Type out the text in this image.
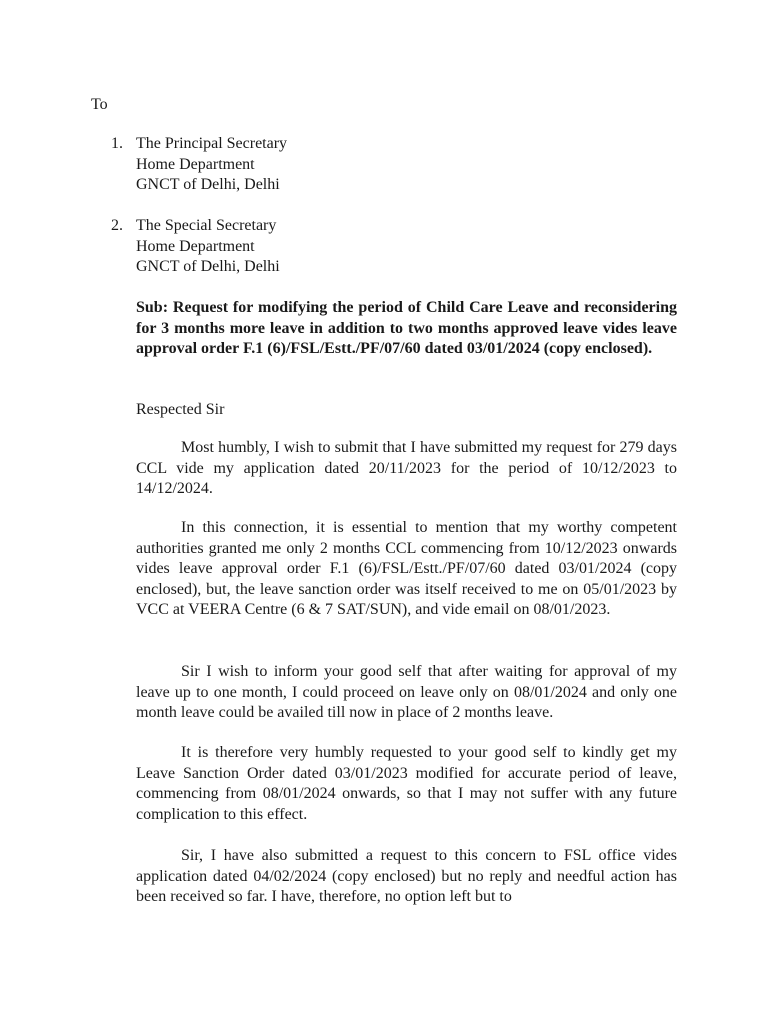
To

1. The Principal Secretary
Home Department
GNCT of Delhi, Delhi
2. The Special Secretary
Home Department
GNCT of Delhi, Delhi

Sub: Request for modifying the period of Child Care Leave and reconsidering for 3 months more leave in addition to two months approved leave vides leave approval order F.1 (6)/FSL/Estt./PF/07/60 dated 03/01/2024 (copy enclosed).

Respected Sir

Most humbly, I wish to submit that I have submitted my request for 279 days CCL vide my application dated 20/11/2023 for the period of 10/12/2023 to 14/12/2024.

In this connection, it is essential to mention that my worthy competent authorities granted me only 2 months CCL commencing from 10/12/2023 onwards vides leave approval order F.1 (6)/FSL/Estt./PF/07/60 dated 03/01/2024 (copy enclosed), but, the leave sanction order was itself received to me on 05/01/2023 by VCC at VEERA Centre (6 & 7 SAT/SUN), and vide email on 08/01/2023.

Sir I wish to inform your good self that after waiting for approval of my leave up to one month, I could proceed on leave only on 08/01/2024 and only one month leave could be availed till now in place of 2 months leave.

It is therefore very humbly requested to your good self to kindly get my Leave Sanction Order dated 03/01/2023 modified for accurate period of leave, commencing from 08/01/2024 onwards, so that I may not suffer with any future complication to this effect.

Sir, I have also submitted a request to this concern to FSL office vides application dated 04/02/2024 (copy enclosed) but no reply and needful action has been received so far. I have, therefore, no option left but to
